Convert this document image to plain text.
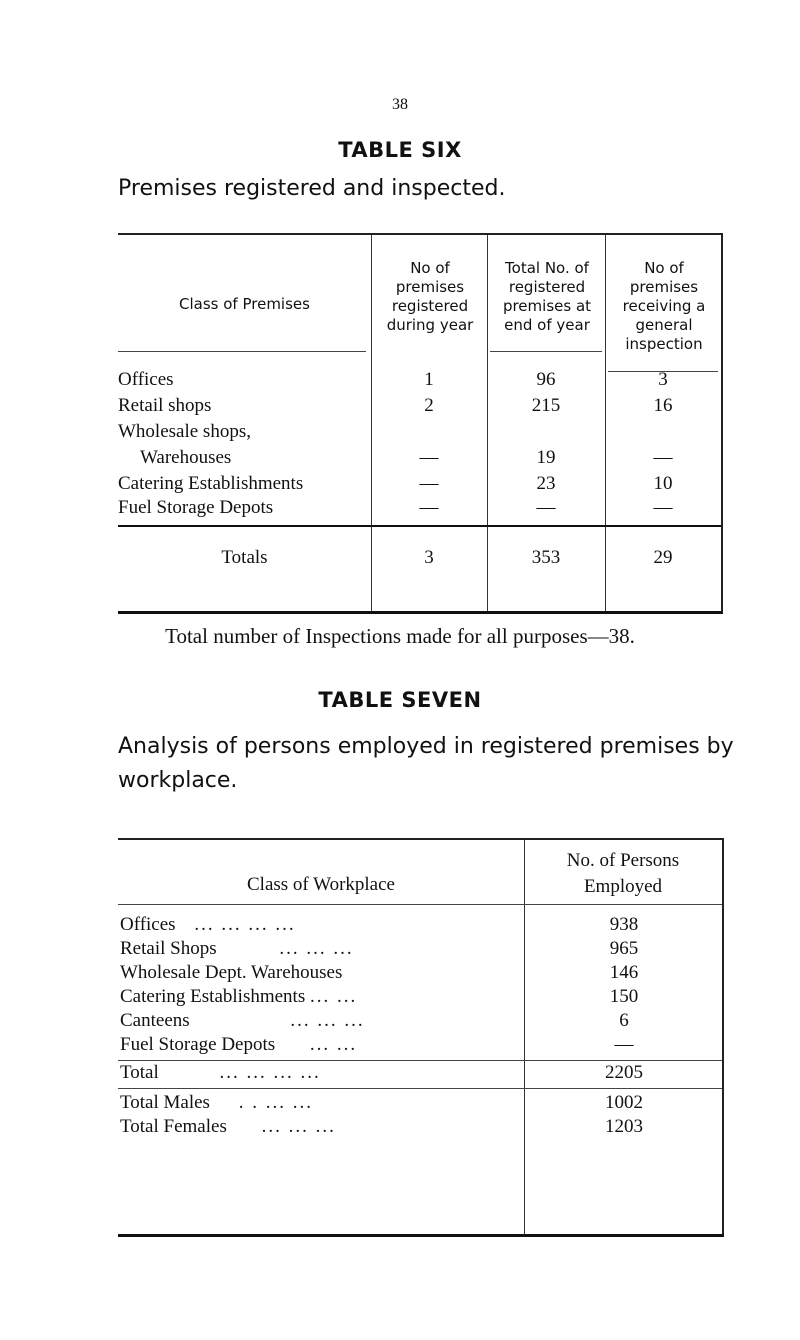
38
TABLE SIX
Premises registered and inspected.
Class of Premises
No of premises registered during year
Total No. of registered premises at end of year
No of premises receiving a general inspection
Offices	1	96	3
Retail shops	2	215	16
Wholesale shops,
Warehouses	—	19	—
Catering Establishments	—	23	10
Fuel Storage Depots	—	—	—
Totals	3	353	29
Total number of Inspections made for all purposes—38.
TABLE SEVEN
Analysis of persons employed in registered premises by workplace.
Class of Workplace
No. of Persons Employed
Offices ... ... ... ...	938
Retail Shops	... ... ...	965
Wholesale Dept. Warehouses	146
Catering Establishments ... ...	150
Canteens	... ... ...	6
Fuel Storage Depots ... ...	—
Total	... ... ... ...	2205
Total Males . . ... ...	1002
Total Females ... ... ...	1203
